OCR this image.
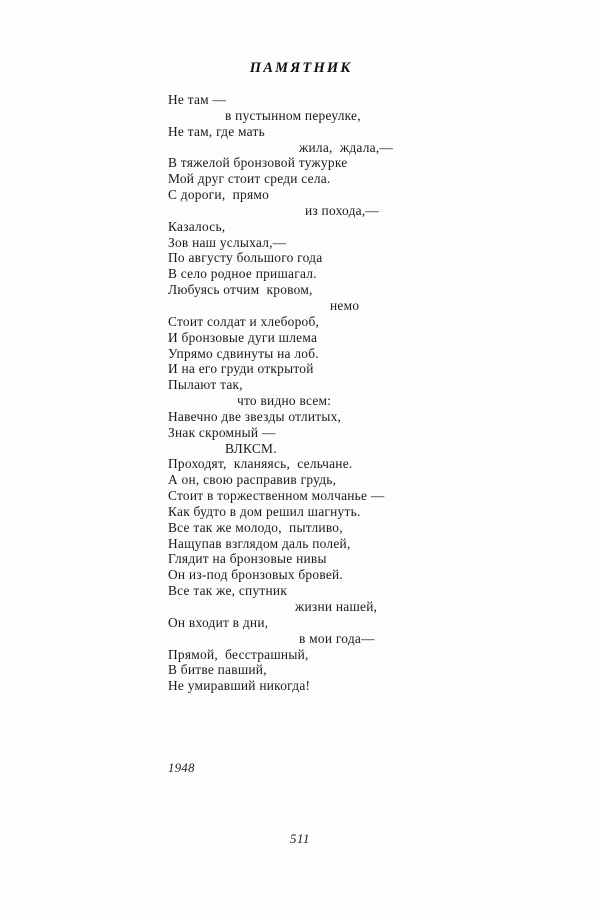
ПАМЯТНИК
Не там —
в пустынном переулке,
Не там, где мать
жила,  ждала,—
В тяжелой бронзовой тужурке
Мой друг стоит среди села.
С дороги,  прямо
из похода,—
Казалось,
Зов наш услыхал,—
По августу большого года
В село родное пришагал.
Любуясь отчим  кровом,
немо
Стоит солдат и хлебороб,
И бронзовые дуги шлема
Упрямо сдвинуты на лоб.
И на его груди открытой
Пылают так,
что видно всем:
Навечно две звезды отлитых,
Знак скромный —
ВЛКСМ.
Проходят,  кланяясь,  сельчане.
А он, свою расправив грудь,
Стоит в торжественном молчанье —
Как будто в дом решил шагнуть.
Все так же молодо,  пытливо,
Нащупав взглядом даль полей,
Глядит на бронзовые нивы
Он из-под бронзовых бровей.
Все так же, спутник
жизни нашей,
Он входит в дни,
в мои года—
Прямой,  бесстрашный,
В битве павший,
Не умиравший никогда!
1948
511
